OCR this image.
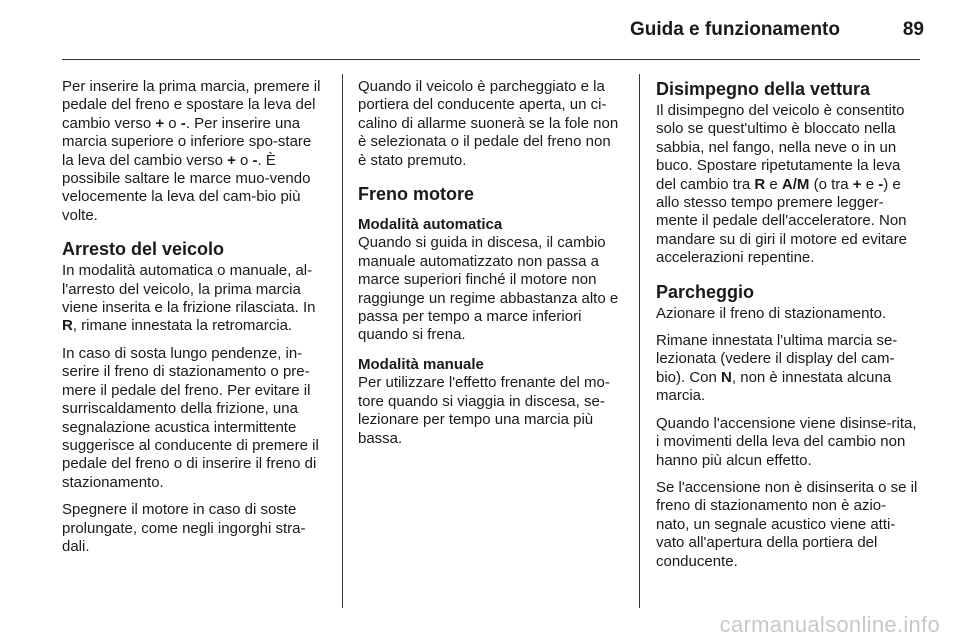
Guida e funzionamento	89

Per inserire la prima marcia, premere il pedale del freno e spostare la leva del cambio verso + o -. Per inserire una marcia superiore o inferiore spo-stare la leva del cambio verso + o -. È possibile saltare le marce muo-vendo velocemente la leva del cam-bio più volte.

Arresto del veicolo

In modalità automatica o manuale, al-l'arresto del veicolo, la prima marcia viene inserita e la frizione rilasciata. In R, rimane innestata la retromarcia.

In caso di sosta lungo pendenze, in-serire il freno di stazionamento o pre-mere il pedale del freno. Per evitare il surriscaldamento della frizione, una segnalazione acustica intermittente suggerisce al conducente di premere il pedale del freno o di inserire il freno di stazionamento.

Spegnere il motore in caso di soste prolungate, come negli ingorghi stra-dali.

Quando il veicolo è parcheggiato e la portiera del conducente aperta, un ci-calino di allarme suonerà se la fole non è selezionata o il pedale del freno non è stato premuto.

Freno motore
Modalità automatica

Quando si guida in discesa, il cambio manuale automatizzato non passa a marce superiori finché il motore non raggiunge un regime abbastanza alto e passa per tempo a marce inferiori quando si frena.

Modalità manuale

Per utilizzare l'effetto frenante del mo-tore quando si viaggia in discesa, se-lezionare per tempo una marcia più bassa.

Disimpegno della vettura

Il disimpegno del veicolo è consentito solo se quest'ultimo è bloccato nella sabbia, nel fango, nella neve o in un buco. Spostare ripetutamente la leva del cambio tra R e A/M (o tra + e -) e allo stesso tempo premere legger-mente il pedale dell'acceleratore. Non mandare su di giri il motore ed evitare accelerazioni repentine.

Parcheggio

Azionare il freno di stazionamento.

Rimane innestata l'ultima marcia se-lezionata (vedere il display del cam-bio). Con N, non è innestata alcuna marcia.

Quando l'accensione viene disinse-rita, i movimenti della leva del cambio non hanno più alcun effetto.

Se l'accensione non è disinserita o se il freno di stazionamento non è azio-nato, un segnale acustico viene atti-vato all'apertura della portiera del conducente.

carmanualsonline.info
